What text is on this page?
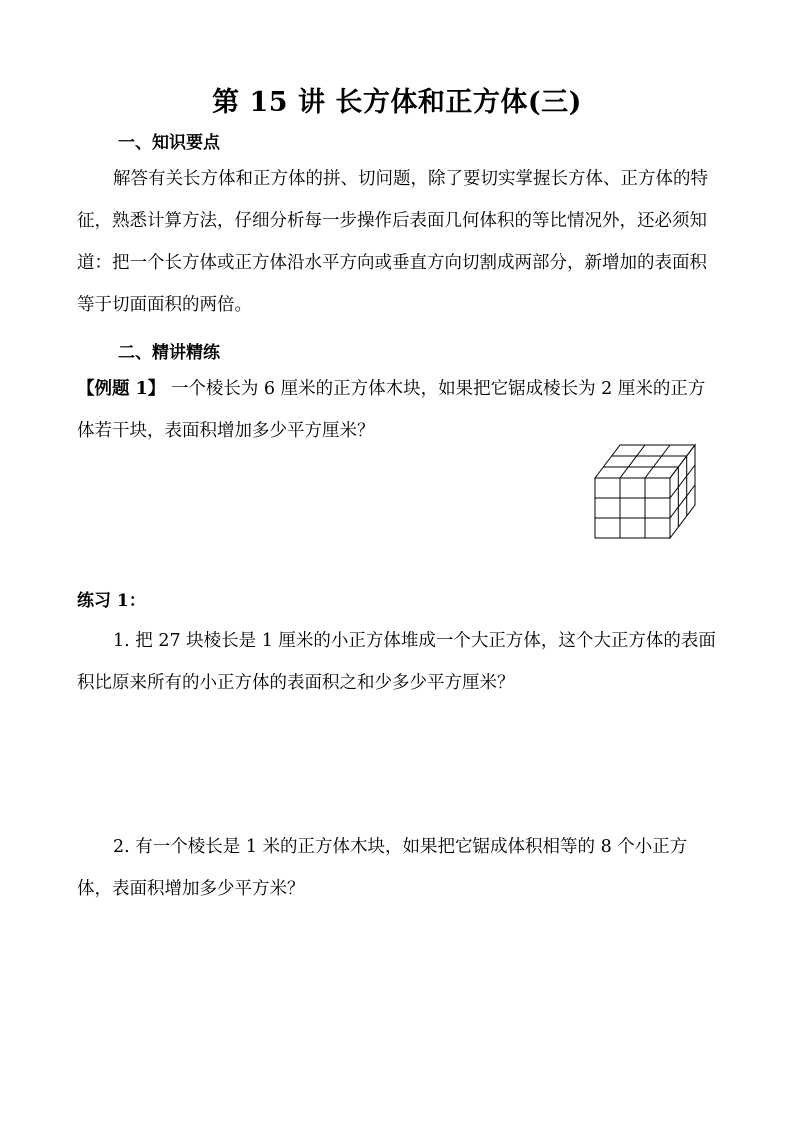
第 15 讲 长方体和正方体(三)
一、知识要点
解答有关长方体和正方体的拼、切问题，除了要切实掌握长方体、正方体的特征，熟悉计算方法，仔细分析每一步操作后表面几何体积的等比情况外，还必须知道：把一个长方体或正方体沿水平方向或垂直方向切割成两部分，新增加的表面积等于切面面积的两倍。
二、精讲精练
【例题 1】 一个棱长为 6 厘米的正方体木块，如果把它锯成棱长为 2 厘米的正方体若干块，表面积增加多少平方厘米？
练习 1：
1. 把 27 块棱长是 1 厘米的小正方体堆成一个大正方体，这个大正方体的表面积比原来所有的小正方体的表面积之和少多少平方厘米？
2. 有一个棱长是 1 米的正方体木块，如果把它锯成体积相等的 8 个小正方体，表面积增加多少平方米？
